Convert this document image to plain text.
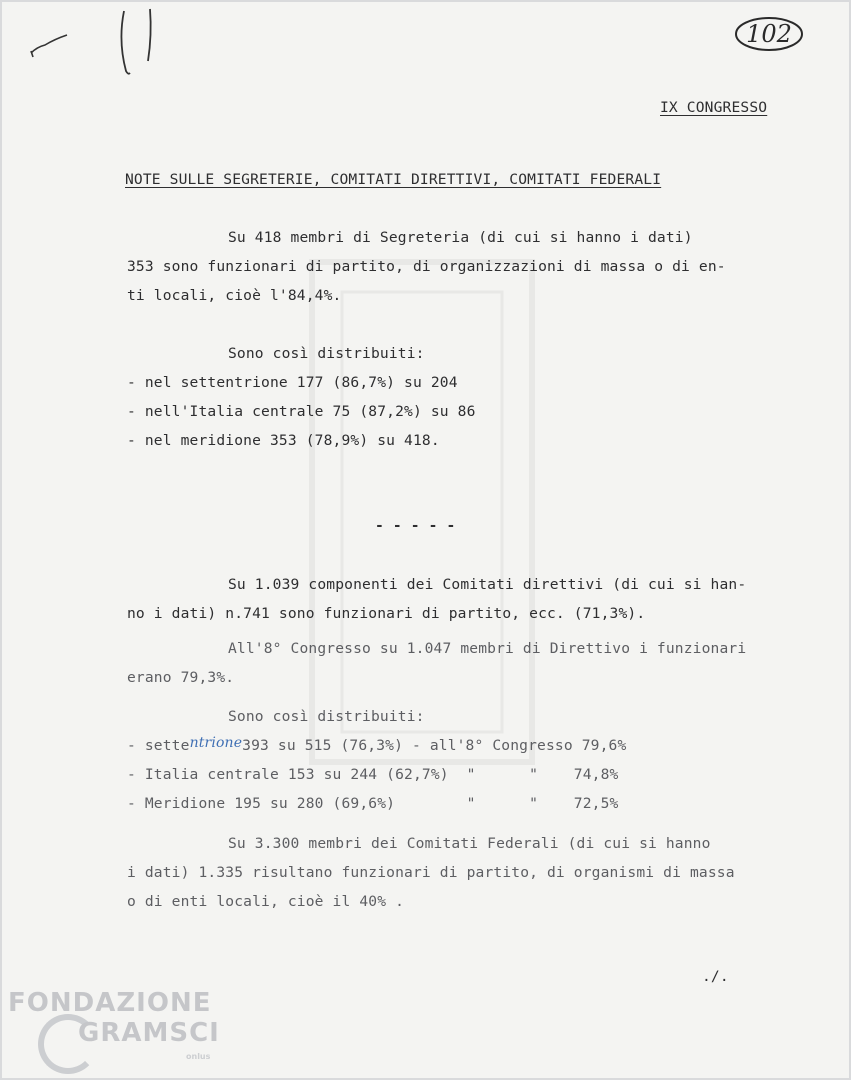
102
IX CONGRESSO
NOTE SULLE SEGRETERIE, COMITATI DIRETTIVI, COMITATI FEDERALI
Su 418 membri di Segreteria (di cui si hanno i dati)
353 sono funzionari di partito, di organizzazioni di massa o di en-
ti locali, cioè l'84,4%.
Sono così distribuiti:
- nel settentrione 177 (86,7%) su 204
- nell'Italia centrale 75 (87,2%) su 86
- nel meridione 353 (78,9%) su 418.
- - - - -
Su 1.039 componenti dei Comitati direttivi (di cui si han-
no i dati) n.741 sono funzionari di partito, ecc. (71,3%).
All'8° Congresso su 1.047 membri di Direttivo i funzionari
erano 79,3%.
Sono così distribuiti:
- settentrione393 su 515 (76,3%) - all'8° Congresso 79,6%
- Italia centrale 153 su 244 (62,7%)  "      "    74,8%
- Meridione 195 su 280 (69,6%)        "      "    72,5%
Su 3.300 membri dei Comitati Federali (di cui si hanno
i dati) 1.335 risultano funzionari di partito, di organismi di massa
o di enti locali, cioè il 40% .
./.
FONDAZIONE
GRAMSCI
onlus
